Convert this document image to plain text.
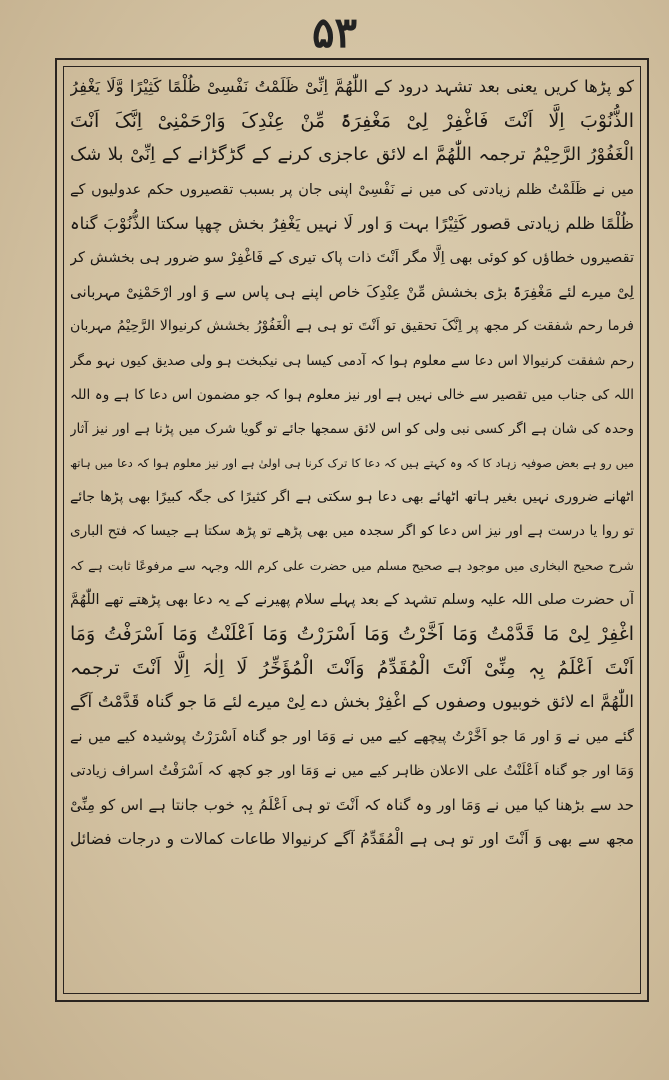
۵۳
کو پڑھا کریں یعنی بعد تشہد درود کے اللّٰھُمَّ اِنِّیْ ظَلَمْتُ نَفْسِیْ ظُلْمًا کَثِیْرًا وَّلَا یَغْفِرُ
الذُّنُوْبَ اِلَّا اَنْتَ فَاغْفِرْ لِیْ مَغْفِرَۃً مِّنْ عِنْدِکَ وَارْحَمْنِیْ اِنَّکَ اَنْتَ
الْغَفُوْرُ الرَّحِیْمُ ترجمہ اللّٰھُمَّ اے لائق عاجزی کرنے کے گڑگڑانے کے اِنِّیْ بلا شک
میں نے ظَلَمْتُ ظلم زیادتی کی میں نے نَفْسِیْ اپنی جان پر بسبب تقصیروں حکم عدولیوں کے
ظُلْمًا ظلم زیادتی قصور کَثِیْرًا بہت وَ اور لَا نہیں یَغْفِرُ بخش چھپا سکتا الذُّنُوْبَ گناہ
تقصیروں خطاؤں کو کوئی بھی اِلَّا مگر اَنْتَ ذات پاک تیری کے فَاغْفِرْ سو ضرور ہی بخشش کر
لِیْ میرے لئے مَغْفِرَۃً بڑی بخشش مِّنْ عِنْدِکَ خاص اپنے ہی پاس سے وَ اور ارْحَمْنِیْ مہربانی
فرما رحم شفقت کر مجھ پر اِنَّکَ تحقیق تو اَنْتَ تو ہی ہے الْغَفُوْرُ بخشش کرنیوالا الرَّحِیْمُ مہربان
رحم شفقت کرنیوالا اس دعا سے معلوم ہوا کہ آدمی کیسا ہی نیکبخت ہو ولی صدیق کیوں نہو مگر
اللہ کی جناب میں تقصیر سے خالی نہیں ہے اور نیز معلوم ہوا کہ جو مضمون اس دعا کا ہے وہ اللہ
وحدہ کی شان ہے اگر کسی نبی ولی کو اس لائق سمجھا جائے تو گویا شرک میں پڑنا ہے اور نیز آثار
میں رو ہے بعض صوفیہ زہاد کا کہ وہ کہتے ہیں کہ دعا کا ترک کرنا ہی اولیٰ ہے اور نیز معلوم ہوا کہ دعا میں ہاتھ
اٹھانے ضروری نہیں بغیر ہاتھ اٹھائے بھی دعا ہو سکتی ہے اگر کثیرًا کی جگہ کبیرًا بھی پڑھا جائے
تو روا یا درست ہے اور نیز اس دعا کو اگر سجدہ میں بھی پڑھے تو پڑھ سکتا ہے جیسا کہ فتح الباری
شرح صحیح البخاری میں موجود ہے صحیح مسلم میں حضرت علی کرم اللہ وجہہ سے مرفوعًا ثابت ہے کہ
آں حضرت صلی اللہ علیہ وسلم تشہد کے بعد پہلے سلام پھیرنے کے یہ دعا بھی پڑھتے تھے اللّٰھُمَّ
اغْفِرْ لِیْ مَا قَدَّمْتُ وَمَا اَخَّرْتُ وَمَا اَسْرَرْتُ وَمَا اَعْلَنْتُ وَمَا اَسْرَفْتُ وَمَا
اَنْتَ اَعْلَمُ بِہٖ مِنِّیْ اَنْتَ الْمُقَدِّمُ وَاَنْتَ الْمُؤَخِّرُ لَا اِلٰہَ اِلَّا اَنْتَ ترجمہ
اللّٰھُمَّ اے لائق خوبیوں وصفوں کے اغْفِرْ بخش دے لِیْ میرے لئے مَا جو گناہ قَدَّمْتُ آگے
گئے میں نے وَ اور مَا جو اَخَّرْتُ پیچھے کیے میں نے وَمَا اور جو گناہ اَسْرَرْتُ پوشیدہ کیے میں نے
وَمَا اور جو گناہ اَعْلَنْتُ علی الاعلان ظاہر کیے میں نے وَمَا اور جو کچھ کہ اَسْرَفْتُ اسراف زیادتی
حد سے بڑھنا کیا میں نے وَمَا اور وہ گناہ کہ اَنْتَ تو ہی اَعْلَمُ بِہٖ خوب جانتا ہے اس کو مِنِّیْ
مجھ سے بھی وَ اَنْتَ اور تو ہی ہے الْمُقَدِّمُ آگے کرنیوالا طاعات کمالات و درجات فضائل
